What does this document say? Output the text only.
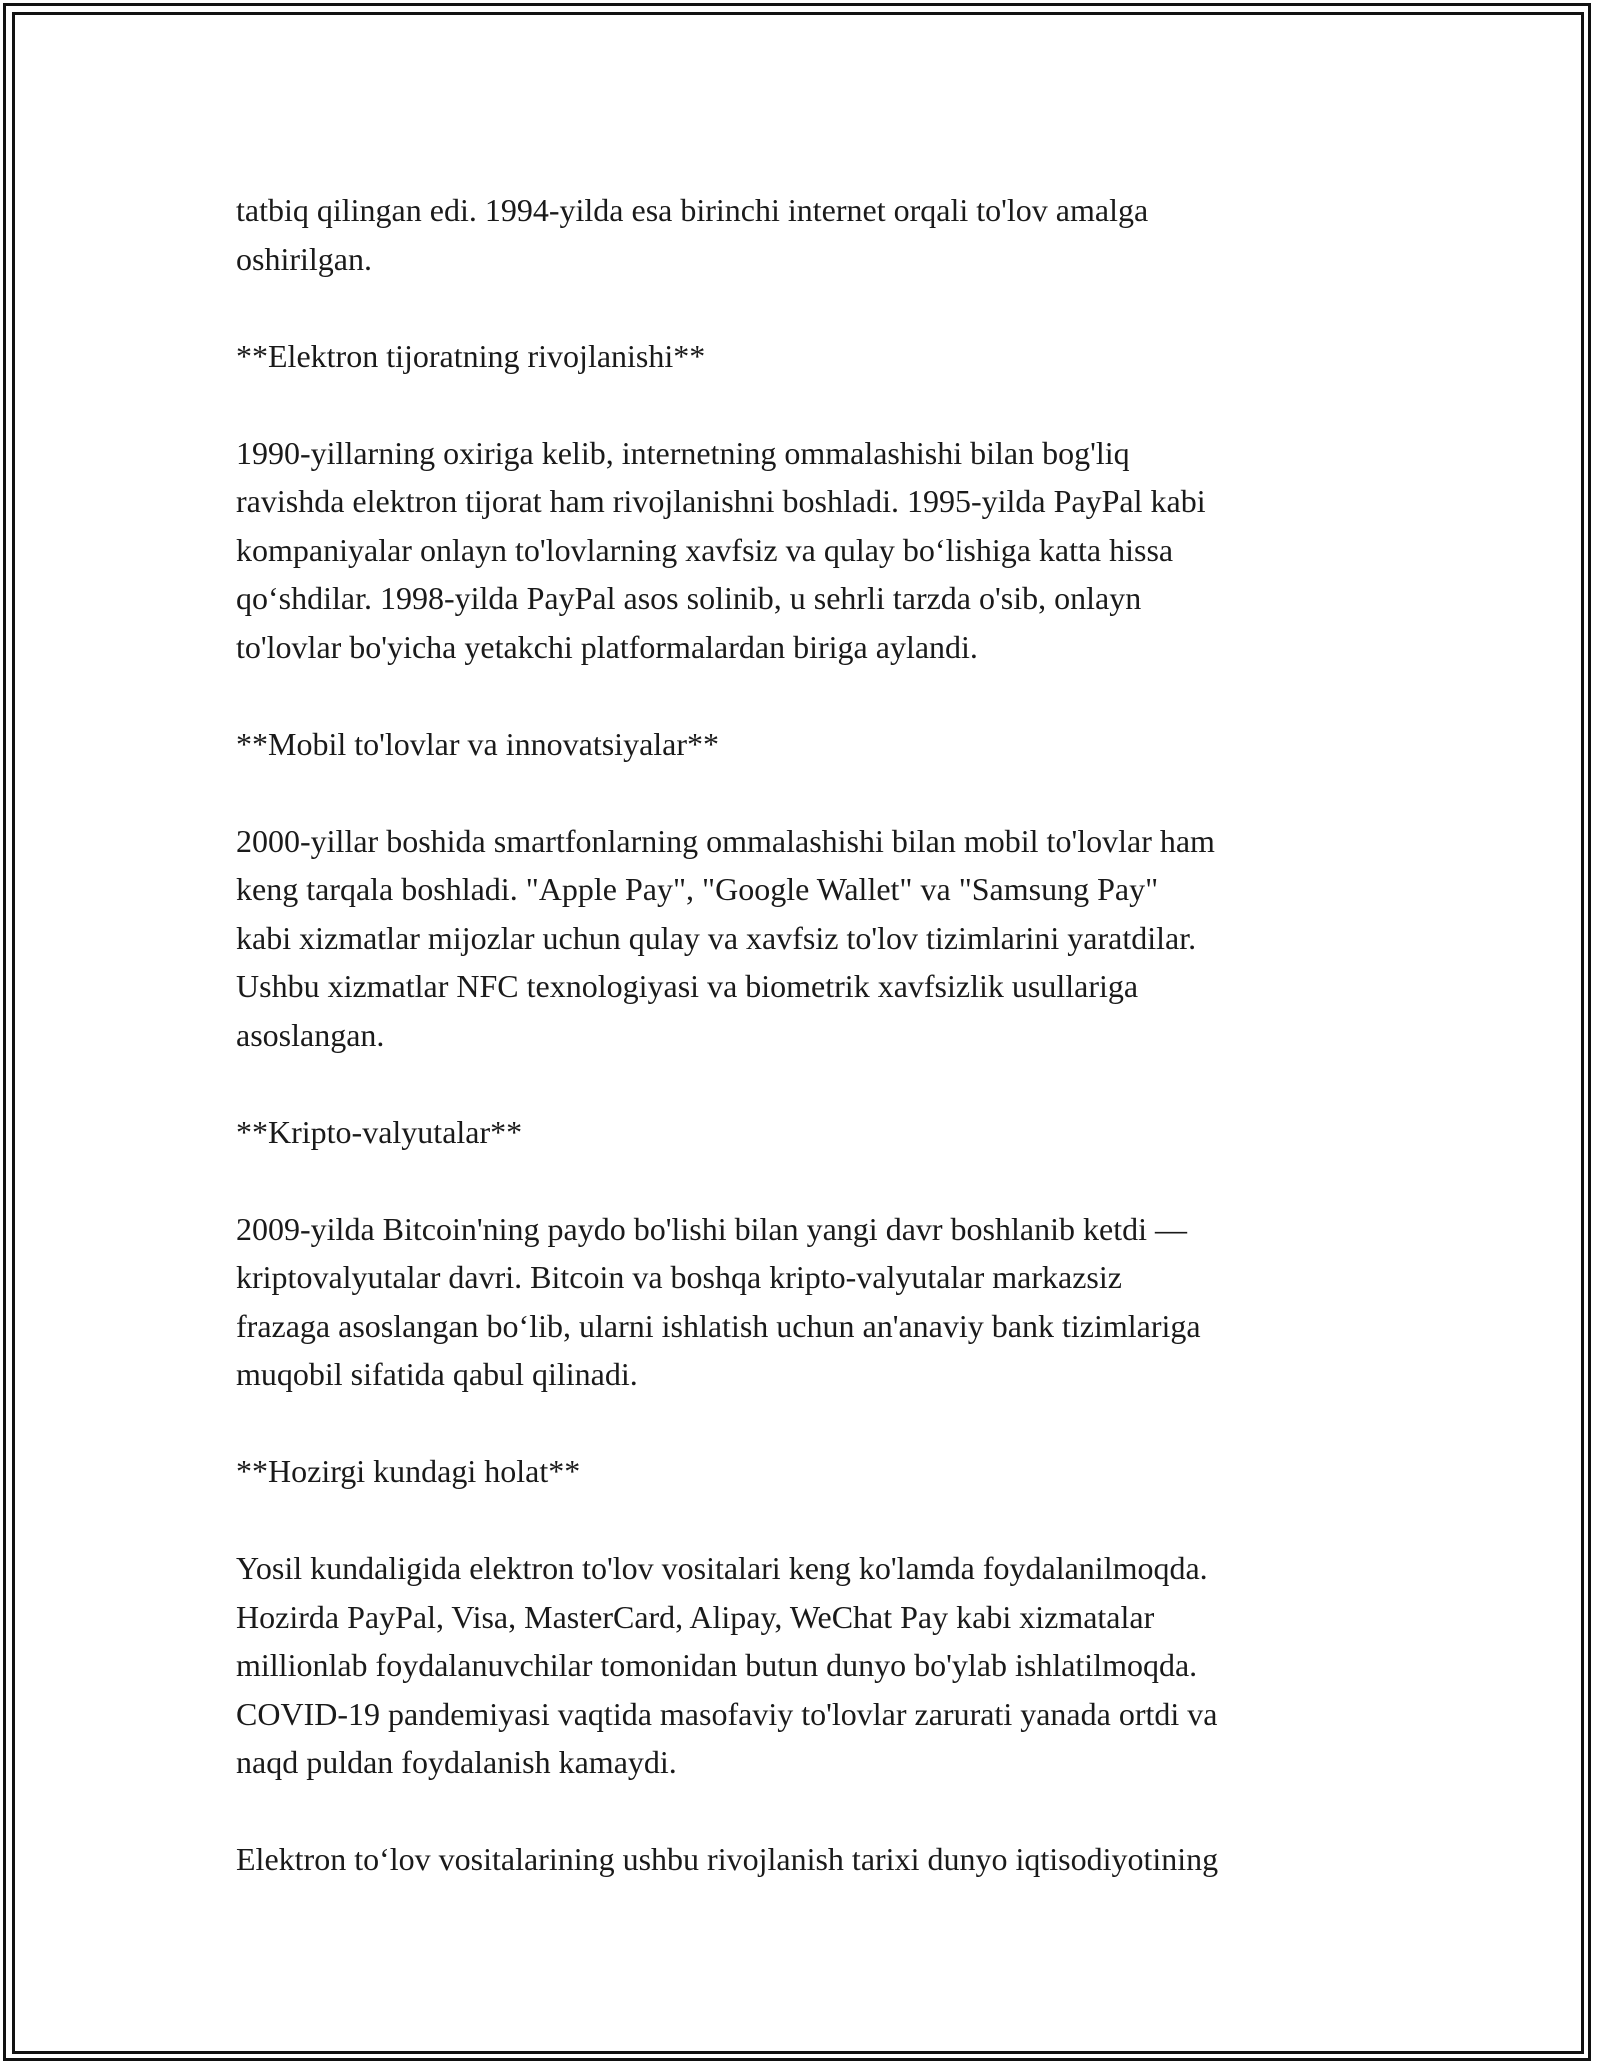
tatbiq qilingan edi. 1994-yilda esa birinchi internet orqali to'lov amalga
oshirilgan.

**Elektron tijoratning rivojlanishi**

1990-yillarning oxiriga kelib, internetning ommalashishi bilan bog'liq
ravishda elektron tijorat ham rivojlanishni boshladi. 1995-yilda PayPal kabi
kompaniyalar onlayn to'lovlarning xavfsiz va qulay bo‘lishiga katta hissa
qo‘shdilar. 1998-yilda PayPal asos solinib, u sehrli tarzda o'sib, onlayn
to'lovlar bo'yicha yetakchi platformalardan biriga aylandi.

**Mobil to'lovlar va innovatsiyalar**

2000-yillar boshida smartfonlarning ommalashishi bilan mobil to'lovlar ham
keng tarqala boshladi. "Apple Pay", "Google Wallet" va "Samsung Pay"
kabi xizmatlar mijozlar uchun qulay va xavfsiz to'lov tizimlarini yaratdilar.
Ushbu xizmatlar NFC texnologiyasi va biometrik xavfsizlik usullariga
asoslangan.

**Kripto-valyutalar**

2009-yilda Bitcoin'ning paydo bo'lishi bilan yangi davr boshlanib ketdi —
kriptovalyutalar davri. Bitcoin va boshqa kripto-valyutalar markazsiz
frazaga asoslangan bo‘lib, ularni ishlatish uchun an'anaviy bank tizimlariga
muqobil sifatida qabul qilinadi.

**Hozirgi kundagi holat**

Yosil kundaligida elektron to'lov vositalari keng ko'lamda foydalanilmoqda.
Hozirda PayPal, Visa, MasterCard, Alipay, WeChat Pay kabi xizmatalar
millionlab foydalanuvchilar tomonidan butun dunyo bo'ylab ishlatilmoqda.
COVID-19 pandemiyasi vaqtida masofaviy to'lovlar zarurati yanada ortdi va
naqd puldan foydalanish kamaydi.

Elektron to‘lov vositalarining ushbu rivojlanish tarixi dunyo iqtisodiyotining
